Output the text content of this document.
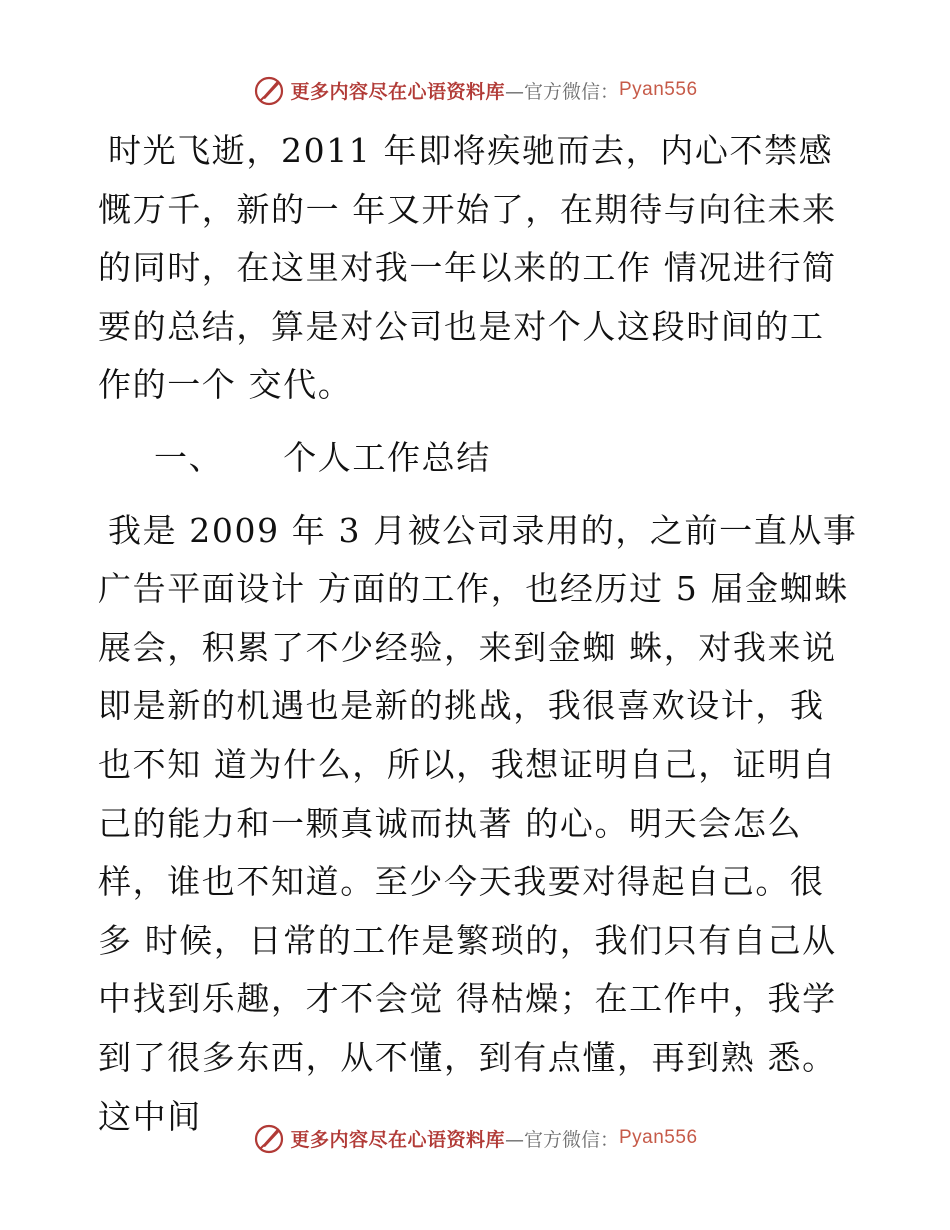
更多内容尽在心语资料库 —官方微信： Pyan556

时光飞逝，2011 年即将疾驰而去，内心不禁感慨万千，新的一 年又开始了，在期待与向往未来的同时，在这里对我一年以来的工作 情况进行简要的总结，算是对公司也是对个人这段时间的工作的一个 交代。

一、 个人工作总结

我是 2009 年 3 月被公司录用的，之前一直从事广告平面设计 方面的工作，也经历过 5 届金蜘蛛展会，积累了不少经验，来到金蜘 蛛，对我来说即是新的机遇也是新的挑战，我很喜欢设计，我也不知 道为什么，所以，我想证明自己，证明自己的能力和一颗真诚而执著 的心。明天会怎么样，谁也不知道。至少今天我要对得起自己。很多 时候，日常的工作是繁琐的，我们只有自己从中找到乐趣，才不会觉 得枯燥；在工作中，我学到了很多东西，从不懂，到有点懂，再到熟 悉。这中间

更多内容尽在心语资料库 —官方微信： Pyan556
